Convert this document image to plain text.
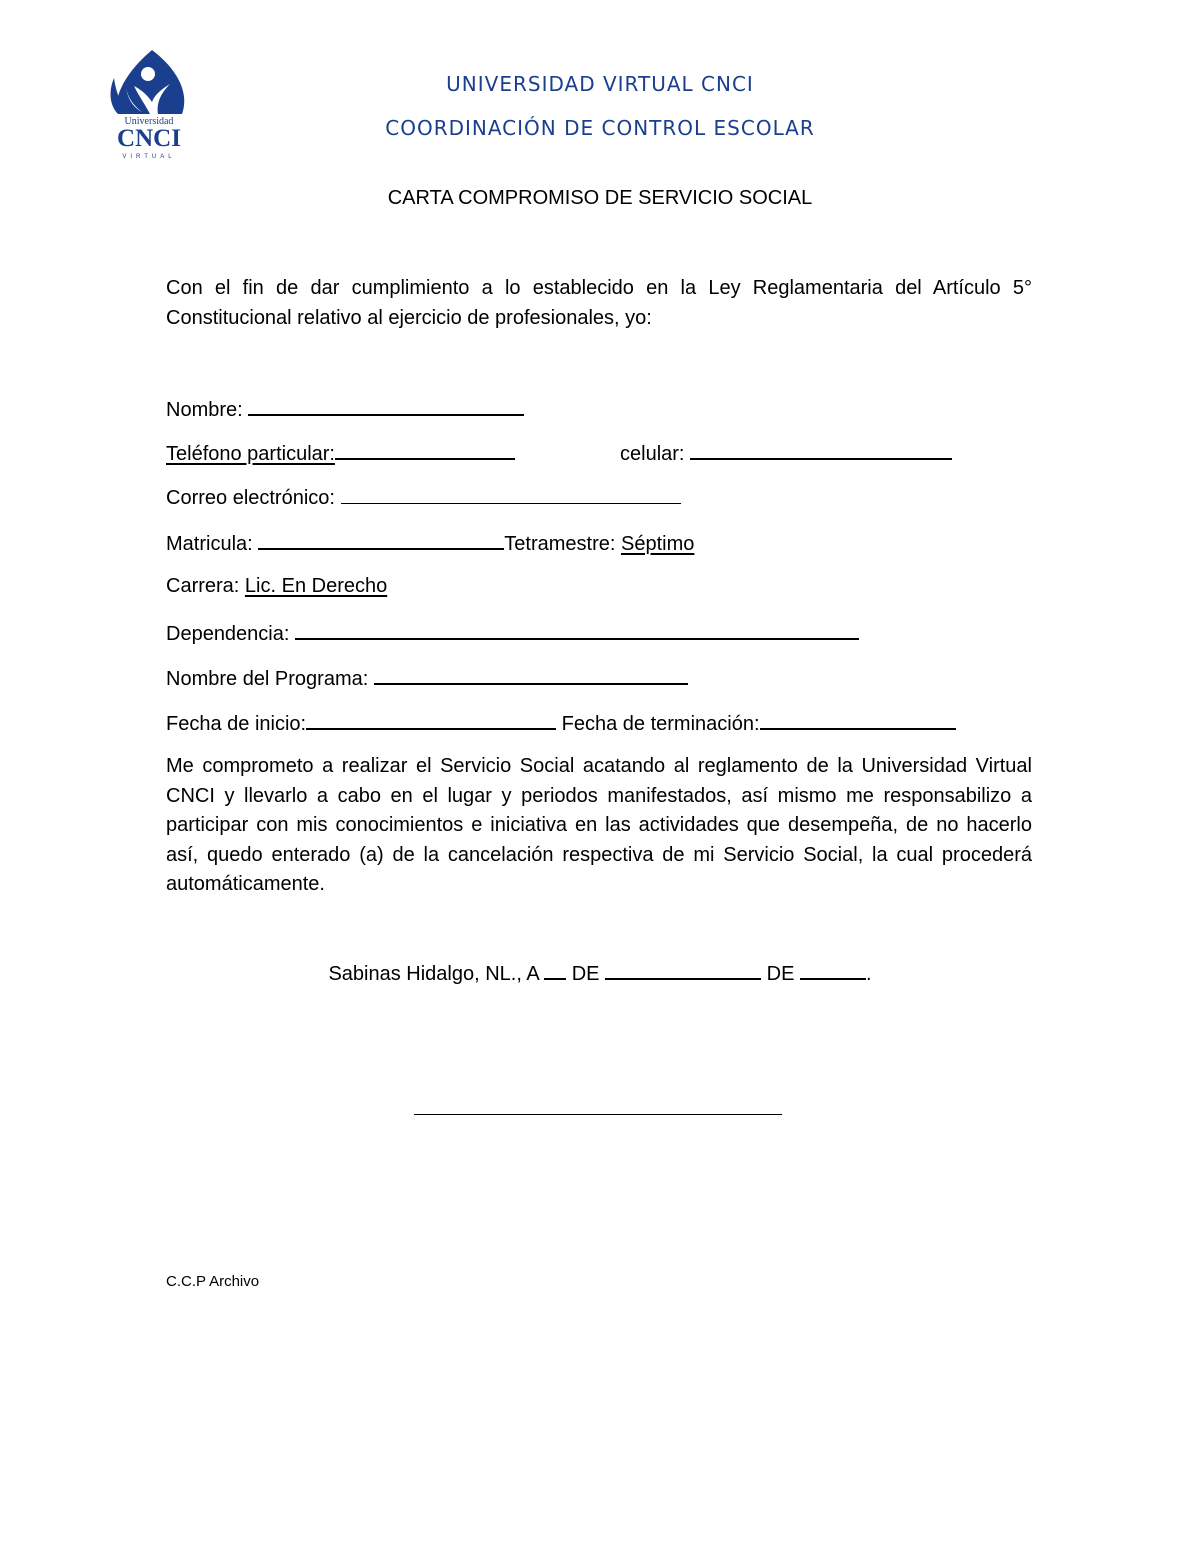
Universidad
CNCI
VIRTUAL
UNIVERSIDAD VIRTUAL CNCI
COORDINACIÓN DE CONTROL ESCOLAR
CARTA COMPROMISO DE SERVICIO SOCIAL
Con el fin de dar cumplimiento a lo establecido en la Ley Reglamentaria del Artículo 5° Constitucional relativo al ejercicio de profesionales, yo:
Nombre:
Teléfono particular:	celular:
Correo electrónico:
Matricula:	Tetramestre: Séptimo
Carrera: Lic. En Derecho
Dependencia:
Nombre del Programa:
Fecha de inicio:	Fecha de terminación:
Me comprometo a realizar el Servicio Social acatando al reglamento de la Universidad Virtual CNCI y llevarlo a cabo en el lugar y periodos manifestados, así mismo me responsabilizo a participar con mis conocimientos e iniciativa en las actividades que desempeña, de no hacerlo así, quedo enterado (a) de la cancelación respectiva de mi Servicio Social, la cual procederá automáticamente.
Sabinas Hidalgo, NL., A DE	DE	.
C.C.P Archivo
